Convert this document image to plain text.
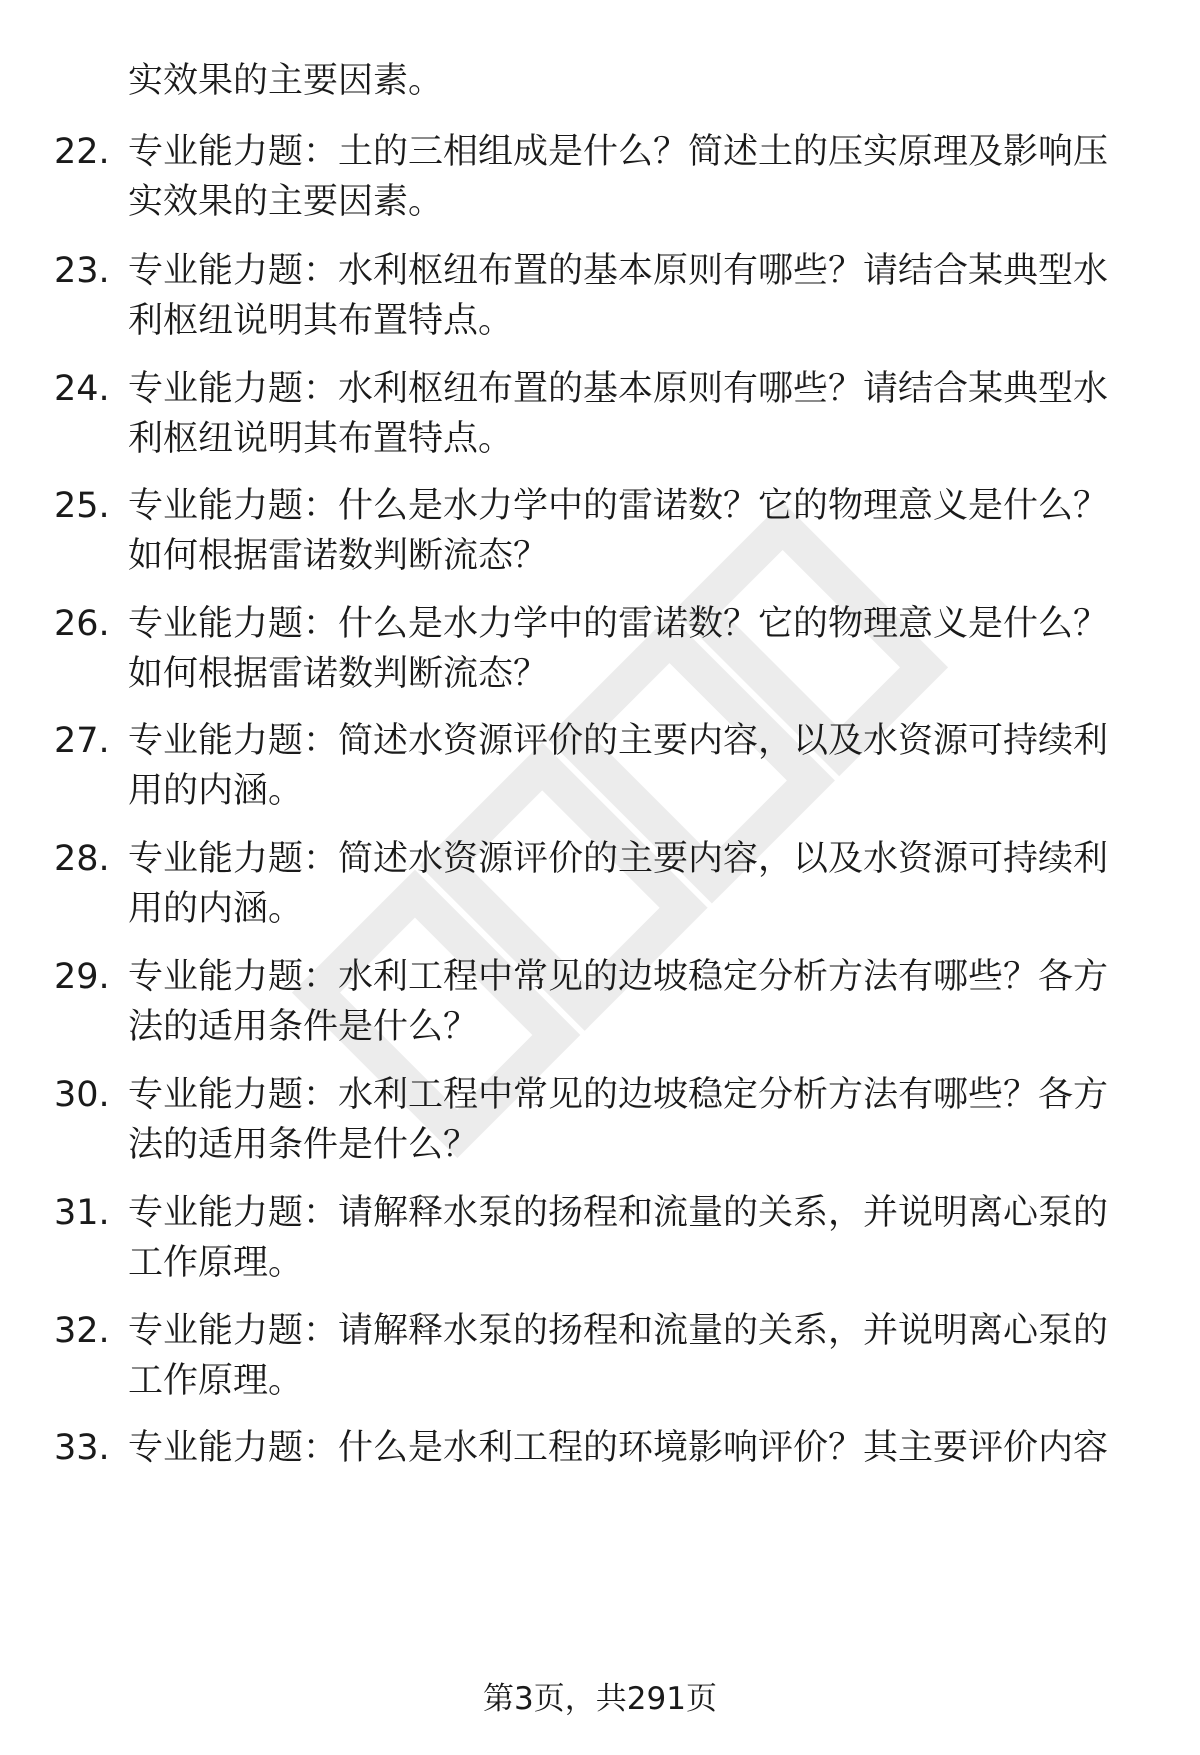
实效果的主要因素。
22. 专业能力题：土的三相组成是什么？简述土的压实原理及影响压
实效果的主要因素。
23. 专业能力题：水利枢纽布置的基本原则有哪些？请结合某典型水
利枢纽说明其布置特点。
24. 专业能力题：水利枢纽布置的基本原则有哪些？请结合某典型水
利枢纽说明其布置特点。
25. 专业能力题：什么是水力学中的雷诺数？它的物理意义是什么？
如何根据雷诺数判断流态？
26. 专业能力题：什么是水力学中的雷诺数？它的物理意义是什么？
如何根据雷诺数判断流态？
27. 专业能力题：简述水资源评价的主要内容，以及水资源可持续利
用的内涵。
28. 专业能力题：简述水资源评价的主要内容，以及水资源可持续利
用的内涵。
29. 专业能力题：水利工程中常见的边坡稳定分析方法有哪些？各方
法的适用条件是什么？
30. 专业能力题：水利工程中常见的边坡稳定分析方法有哪些？各方
法的适用条件是什么？
31. 专业能力题：请解释水泵的扬程和流量的关系，并说明离心泵的
工作原理。
32. 专业能力题：请解释水泵的扬程和流量的关系，并说明离心泵的
工作原理。
33. 专业能力题：什么是水利工程的环境影响评价？其主要评价内容
第3页，共291页
